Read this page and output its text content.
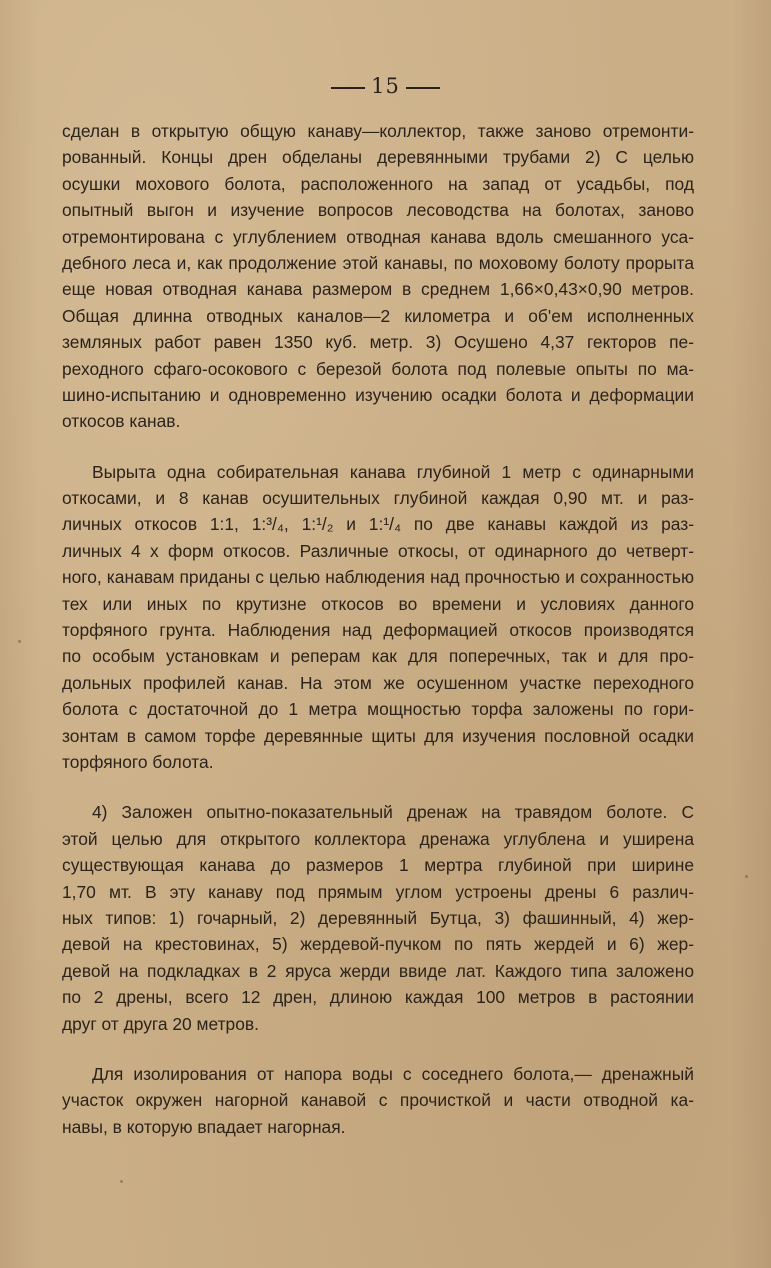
15
сделан в открытую общую канаву—коллектор, также заново отремонти-
рованный. Концы дрен обделаны деревянными трубами 2) С целью
осушки мохового болота, расположенного на запад от усадьбы, под
опытный выгон и изучение вопросов лесоводства на болотах, заново
отремонтирована с углублением отводная канава вдоль смешанного уса-
дебного леса и, как продолжение этой канавы, по моховому болоту прорыта
еще новая отводная канава размером в среднем 1,66×0,43×0,90 метров.
Общая длинна отводных каналов—2 километра и об'ем исполненных
земляных работ равен 1350 куб. метр. 3) Осушено 4,37 гекторов пе-
реходного сфаго-осокового с березой болота под полевые опыты по ма-
шино-испытанию и одновременно изучению осадки болота и деформации
откосов канав.
Вырыта одна собирательная канава глубиной 1 метр с одинарными
откосами, и 8 канав осушительных глубиной каждая 0,90 мт. и раз-
личных откосов 1:1, 1:³/₄, 1:¹/₂ и 1:¹/₄ по две канавы каждой из раз-
личных 4 х форм откосов. Различные откосы, от одинарного до четверт-
ного, канавам приданы с целью наблюдения над прочностью и сохранностью
тех или иных по крутизне откосов во времени и условиях данного
торфяного грунта. Наблюдения над деформацией откосов производятся
по особым установкам и реперам как для поперечных, так и для про-
дольных профилей канав. На этом же осушенном участке переходного
болота с достаточной до 1 метра мощностью торфа заложены по гори-
зонтам в самом торфе деревянные щиты для изучения пословной осадки
торфяного болота.
4) Заложен опытно-показательный дренаж на травядом болоте. С
этой целью для открытого коллектора дренажа углублена и уширена
существующая канава до размеров 1 мертра глубиной при ширине
1,70 мт. В эту канаву под прямым углом устроены дрены 6 различ-
ных типов: 1) гочарный, 2) деревянный Бутца, 3) фашинный, 4) жер-
девой на крестовинах, 5) жердевой-пучком по пять жердей и 6) жер-
девой на подкладках в 2 яруса жерди ввиде лат. Каждого типа заложено
по 2 дрены, всего 12 дрен, длиною каждая 100 метров в растоянии
друг от друга 20 метров.
Для изолирования от напора воды с соседнего болота,— дренажный
участок окружен нагорной канавой с прочисткой и части отводной ка-
навы, в которую впадает нагорная.
